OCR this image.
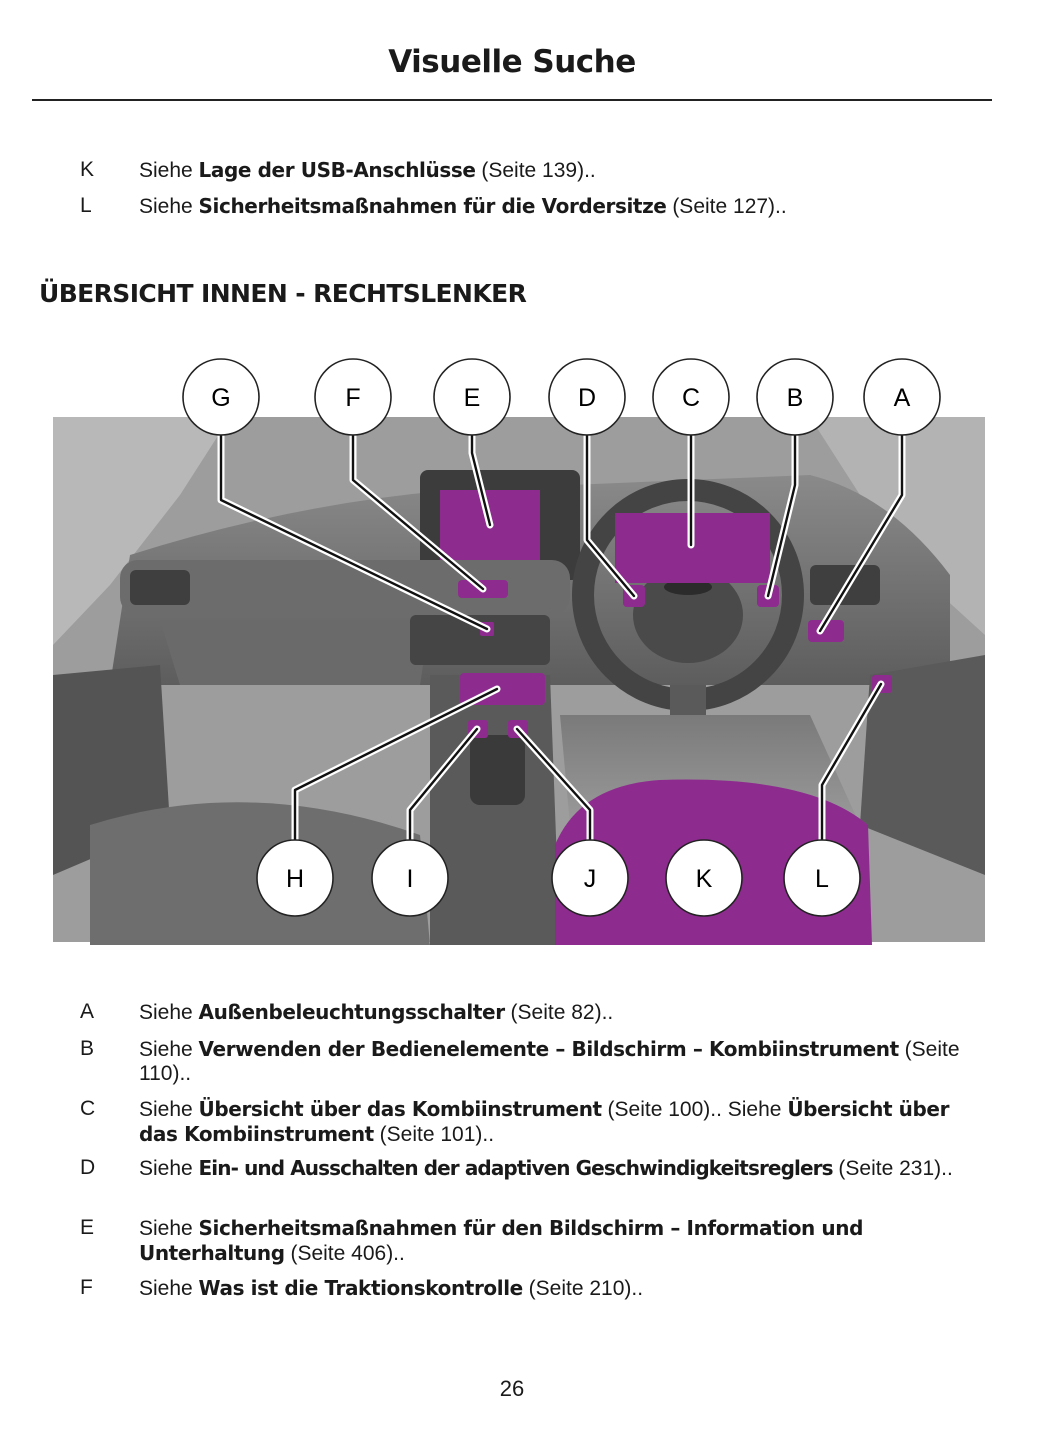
Visuelle Suche
K Siehe Lage der USB-Anschlüsse (Seite 139)..
L	Siehe Sicherheitsmaßnahmen für die Vordersitze (Seite 127)..
ÜBERSICHT INNEN - RECHTSLENKER
G	F	E	D	C	B	A
H	I	J	K	L
A Siehe Außenbeleuchtungsschalter (Seite 82)..
B Siehe Verwenden der Bedienelemente – Bildschirm – Kombiinstrument (Seite 110)..
C Siehe Übersicht über das Kombiinstrument (Seite 100).. Siehe Übersicht über das Kombiinstrument (Seite 101)..
D Siehe Ein- und Ausschalten der adaptiven Geschwindigkeitsreglers (Seite 231)..
E Siehe Sicherheitsmaßnahmen für den Bildschirm – Information und Unterhaltung (Seite 406)..
F	Siehe Was ist die Traktionskontrolle (Seite 210)..
26
